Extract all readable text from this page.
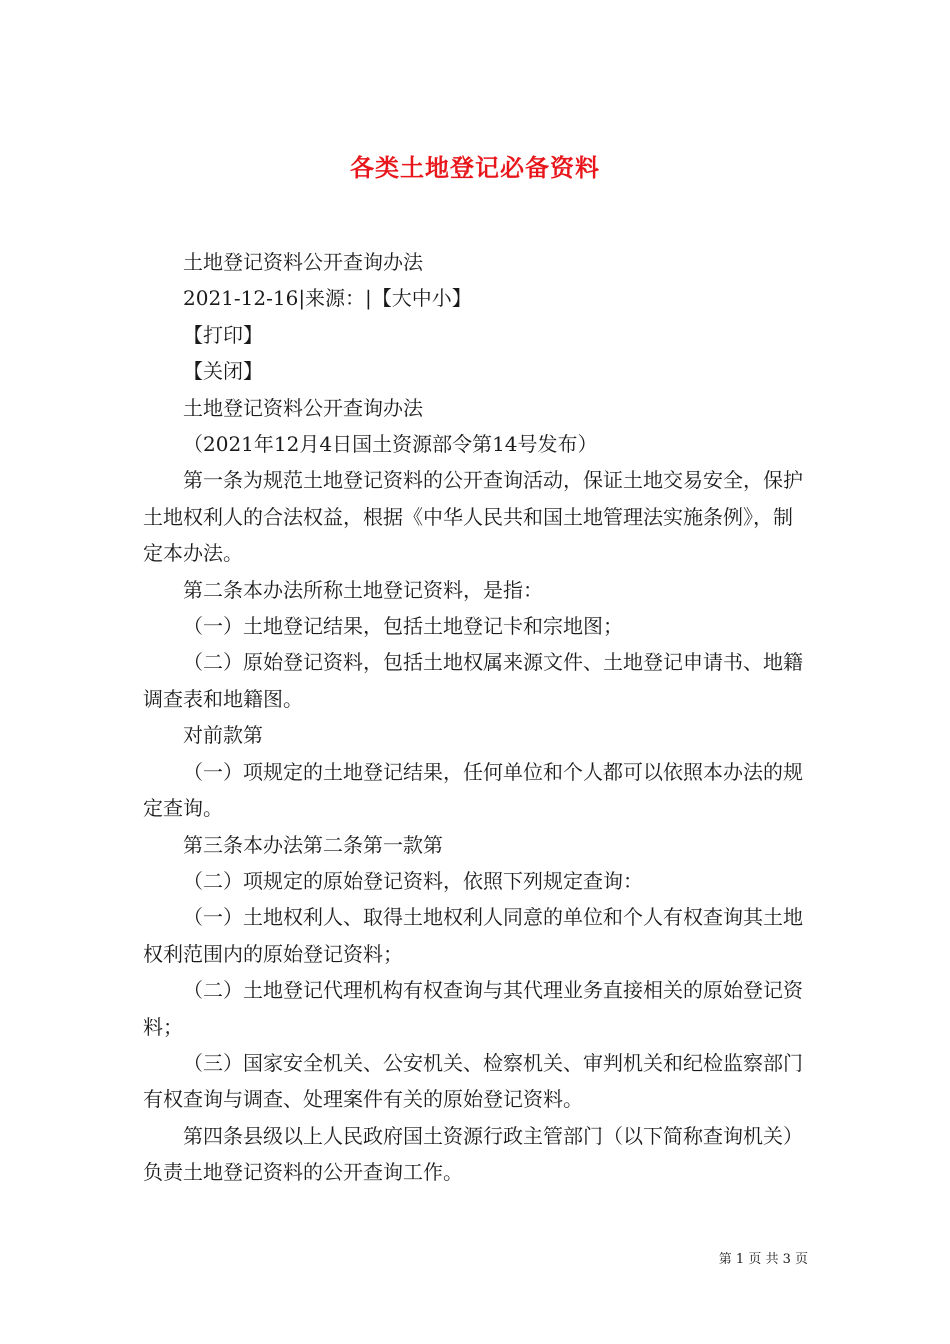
各类土地登记必备资料

土地登记资料公开查询办法

2021-12-16|来源：|【大中小】

【打印】

【关闭】

土地登记资料公开查询办法

（2021年12月4日国土资源部令第14号发布）

第一条为规范土地登记资料的公开查询活动，保证土地交易安全，保护土地权利人的合法权益，根据《中华人民共和国土地管理法实施条例》，制定本办法。

第二条本办法所称土地登记资料，是指：

（一）土地登记结果，包括土地登记卡和宗地图；

（二）原始登记资料，包括土地权属来源文件、土地登记申请书、地籍调查表和地籍图。

对前款第

（一）项规定的土地登记结果，任何单位和个人都可以依照本办法的规定查询。

第三条本办法第二条第一款第

（二）项规定的原始登记资料，依照下列规定查询：

（一）土地权利人、取得土地权利人同意的单位和个人有权查询其土地权利范围内的原始登记资料；

（二）土地登记代理机构有权查询与其代理业务直接相关的原始登记资料；

（三）国家安全机关、公安机关、检察机关、审判机关和纪检监察部门有权查询与调查、处理案件有关的原始登记资料。

第四条县级以上人民政府国土资源行政主管部门（以下简称查询机关）负责土地登记资料的公开查询工作。

第 1 页 共 3 页
